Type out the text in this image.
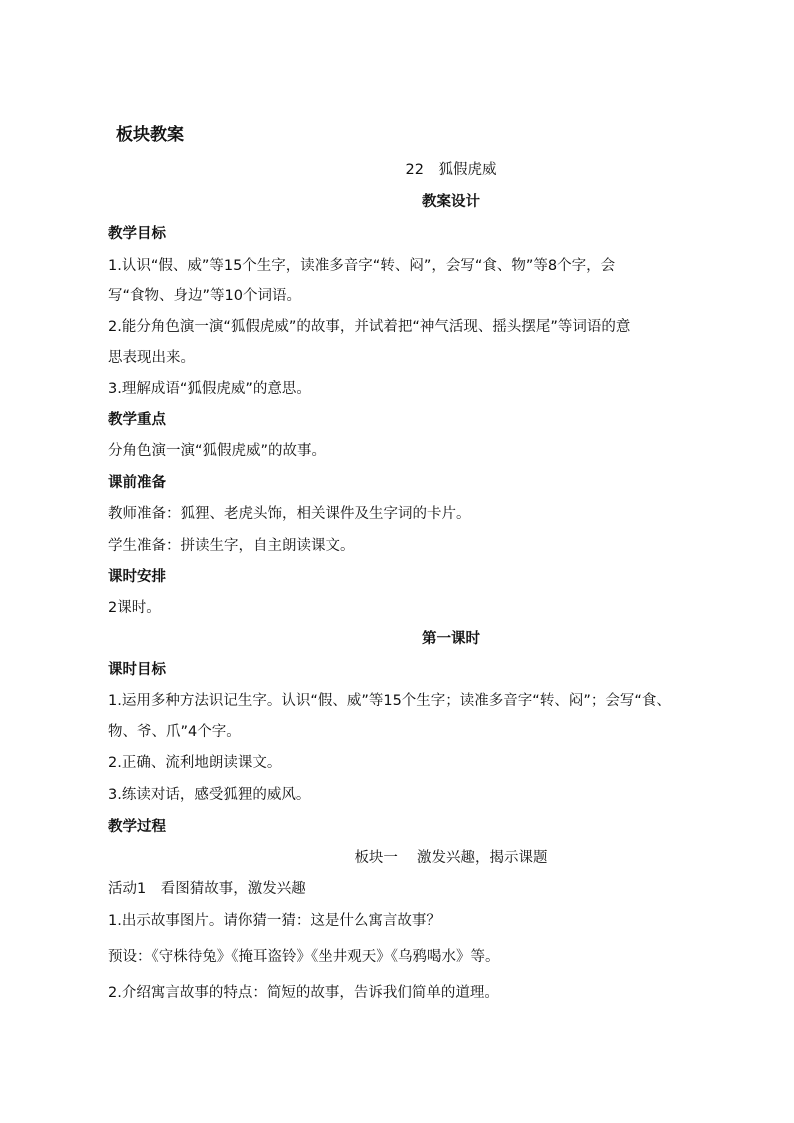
板块教案
22　狐假虎威
教案设计
教学目标
1.认识“假、威”等15个生字，读准多音字“转、闷”，会写“食、物”等8个字，会
写“食物、身边”等10个词语。
2.能分角色演一演“狐假虎威”的故事，并试着把“神气活现、摇头摆尾”等词语的意
思表现出来。
3.理解成语“狐假虎威”的意思。
教学重点
分角色演一演“狐假虎威”的故事。
课前准备
教师准备：狐狸、老虎头饰，相关课件及生字词的卡片。
学生准备：拼读生字，自主朗读课文。
课时安排
2课时。
第一课时
课时目标
1.运用多种方法识记生字。认识“假、威”等15个生字；读准多音字“转、闷”；会写“食、
物、爷、爪”4个字。
2.正确、流利地朗读课文。
3.练读对话，感受狐狸的威风。
教学过程
板块一　 激发兴趣，揭示课题
活动1　看图猜故事，激发兴趣
1.出示故事图片。请你猜一猜：这是什么寓言故事？
预设：《守株待兔》《掩耳盗铃》《坐井观天》《乌鸦喝水》等。
2.介绍寓言故事的特点：简短的故事，告诉我们简单的道理。
